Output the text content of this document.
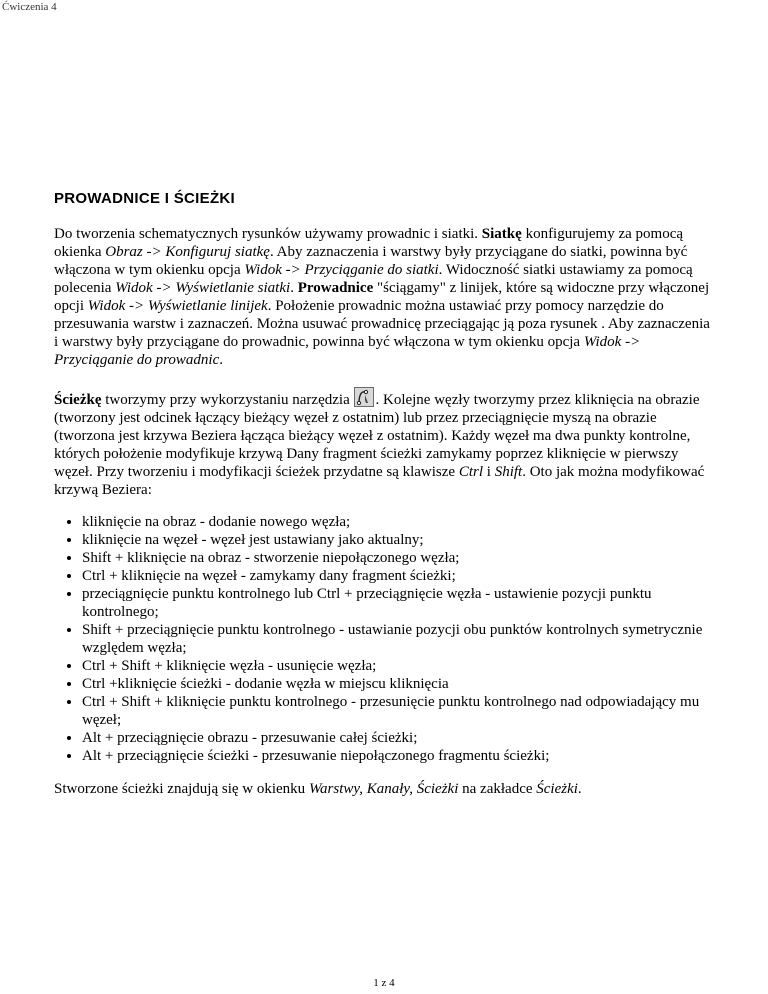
Ćwiczenia 4
PROWADNICE I ŚCIEŻKI

Do tworzenia schematycznych rysunków używamy prowadnic i siatki. Siatkę konfigurujemy za pomocą okienka Obraz -> Konfiguruj siatkę. Aby zaznaczenia i warstwy były przyciągane do siatki, powinna być włączona w tym okienku opcja Widok -> Przyciąganie do siatki. Widoczność siatki ustawiamy za pomocą polecenia Widok -> Wyświetlanie siatki. Prowadnice "ściągamy" z linijek, które są widoczne przy włączonej opcji Widok -> Wyświetlanie linijek. Położenie prowadnic można ustawiać przy pomocy narzędzie do przesuwania warstw i zaznaczeń. Można usuwać prowadnicę przeciągając ją poza rysunek . Aby zaznaczenia i warstwy były przyciągane do prowadnic, powinna być włączona w tym okienku opcja Widok -> Przyciąganie do prowadnic.

Ścieżkę tworzymy przy wykorzystaniu narzędzia
. Kolejne węzły tworzymy przez kliknięcia na obrazie (tworzony jest odcinek łączący bieżący węzeł z ostatnim) lub przez przeciągnięcie myszą na obrazie (tworzona jest krzywa Beziera łącząca bieżący węzeł z ostatnim). Każdy węzeł ma dwa punkty kontrolne, których położenie modyfikuje krzywą Dany fragment ścieżki zamykamy poprzez kliknięcie w pierwszy węzeł. Przy tworzeniu i modyfikacji ścieżek przydatne są klawisze Ctrl i Shift. Oto jak można modyfikować krzywą Beziera:

• kliknięcie na obraz - dodanie nowego węzła;
• kliknięcie na węzeł - węzeł jest ustawiany jako aktualny;
• Shift + kliknięcie na obraz - stworzenie niepołączonego węzła;
• Ctrl + kliknięcie na węzeł - zamykamy dany fragment ścieżki;
• przeciągnięcie punktu kontrolnego lub Ctrl + przeciągnięcie węzła - ustawienie pozycji punktu kontrolnego;
• Shift + przeciągnięcie punktu kontrolnego - ustawianie pozycji obu punktów kontrolnych symetrycznie względem węzła;
• Ctrl + Shift + kliknięcie węzła - usunięcie węzła;
• Ctrl +kliknięcie ścieżki - dodanie węzła w miejscu kliknięcia
• Ctrl + Shift + kliknięcie punktu kontrolnego - przesunięcie punktu kontrolnego nad odpowiadający mu węzeł;
• Alt + przeciągnięcie obrazu - przesuwanie całej ścieżki;
• Alt + przeciągnięcie ścieżki - przesuwanie niepołączonego fragmentu ścieżki;

Stworzone ścieżki znajdują się w okienku Warstwy, Kanały, Ścieżki na zakładce Ścieżki.

1 z 4
